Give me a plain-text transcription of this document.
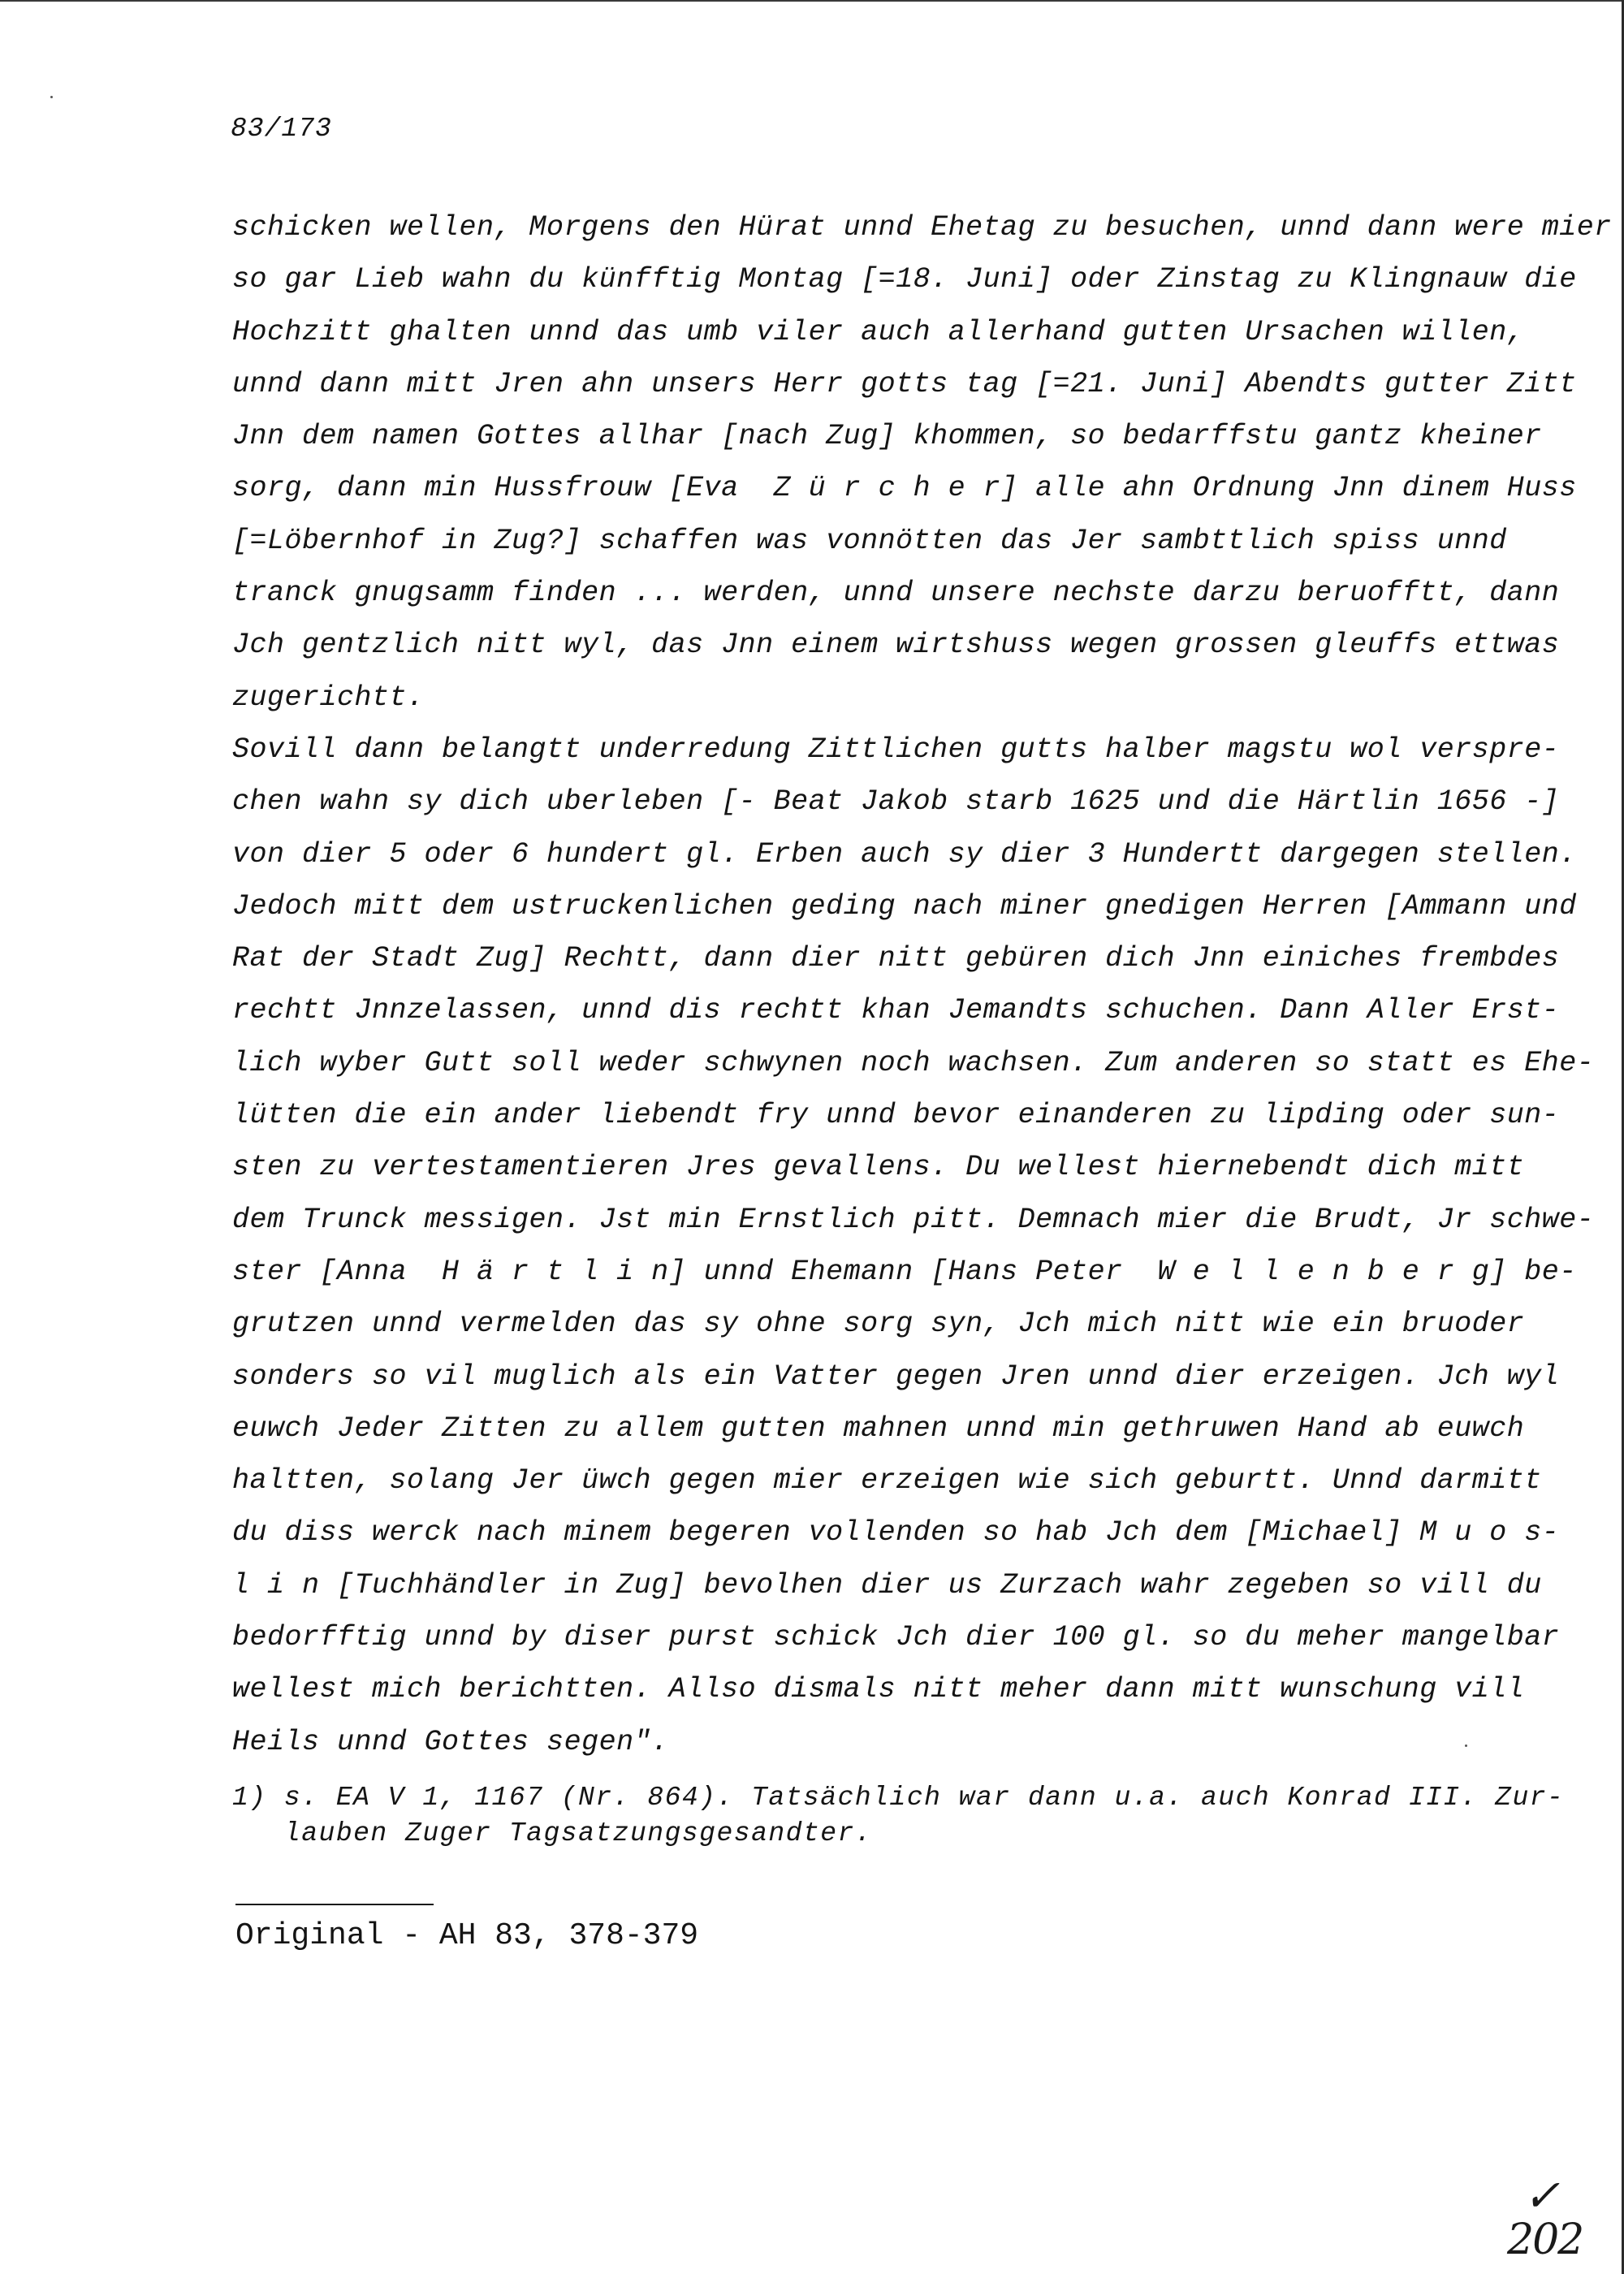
83/173
schicken wellen, Morgens den Hürat unnd Ehetag zu besuchen, unnd dann were mier
so gar Lieb wahn du künfftig Montag [=18. Juni] oder Zinstag zu Klingnauw die
Hochzitt ghalten unnd das umb viler auch allerhand gutten Ursachen willen,
unnd dann mitt Jren ahn unsers Herr gotts tag [=21. Juni] Abendts gutter Zitt
Jnn dem namen Gottes allhar [nach Zug] khommen, so bedarffstu gantz kheiner
sorg, dann min Hussfrouw [Eva  Z ü r c h e r] alle ahn Ordnung Jnn dinem Huss
[=Löbernhof in Zug?] schaffen was vonnötten das Jer sambttlich spiss unnd
tranck gnugsamm finden ... werden, unnd unsere nechste darzu beruofftt, dann
Jch gentzlich nitt wyl, das Jnn einem wirtshuss wegen grossen gleuffs ettwas
zugerichtt.
Sovill dann belangtt underredung Zittlichen gutts halber magstu wol verspre-
chen wahn sy dich uberleben [- Beat Jakob starb 1625 und die Härtlin 1656 -]
von dier 5 oder 6 hundert gl. Erben auch sy dier 3 Hundertt dargegen stellen.
Jedoch mitt dem ustruckenlichen geding nach miner gnedigen Herren [Ammann und
Rat der Stadt Zug] Rechtt, dann dier nitt gebüren dich Jnn einiches frembdes
rechtt Jnnzelassen, unnd dis rechtt khan Jemandts schuchen. Dann Aller Erst-
lich wyber Gutt soll weder schwynen noch wachsen. Zum anderen so statt es Ehe-
lütten die ein ander liebendt fry unnd bevor einanderen zu lipding oder sun-
sten zu vertestamentieren Jres gevallens. Du wellest hiernebendt dich mitt
dem Trunck messigen. Jst min Ernstlich pitt. Demnach mier die Brudt, Jr schwe-
ster [Anna  H ä r t l i n] unnd Ehemann [Hans Peter  W e l l e n b e r g] be-
grutzen unnd vermelden das sy ohne sorg syn, Jch mich nitt wie ein bruoder
sonders so vil muglich als ein Vatter gegen Jren unnd dier erzeigen. Jch wyl
euwch Jeder Zitten zu allem gutten mahnen unnd min gethruwen Hand ab euwch
haltten, solang Jer üwch gegen mier erzeigen wie sich geburtt. Unnd darmitt
du diss werck nach minem begeren vollenden so hab Jch dem [Michael] M u o s-
l i n [Tuchhändler in Zug] bevolhen dier us Zurzach wahr zegeben so vill du
bedorfftig unnd by diser purst schick Jch dier 100 gl. so du meher mangelbar
wellest mich berichtten. Allso dismals nitt meher dann mitt wunschung vill
Heils unnd Gottes segen".
1) s. EA V 1, 1167 (Nr. 864). Tatsächlich war dann u.a. auch Konrad III. Zur-
lauben Zuger Tagsatzungsgesandter.
Original - AH 83, 378-379
✓
202
